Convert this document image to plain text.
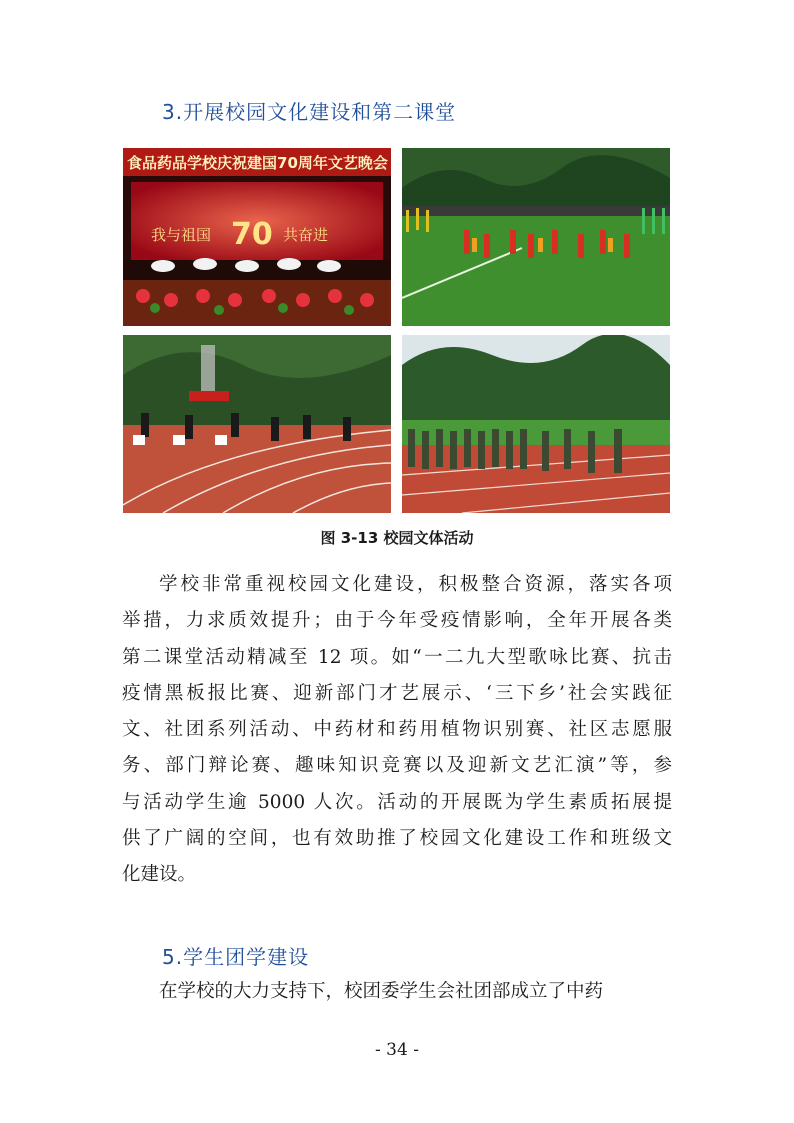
3.开展校园文化建设和第二课堂
食品药品学校庆祝建国70周年文艺晚会
我与祖国 70 共奋进
图 3-13 校园文体活动
学校非常重视校园文化建设，积极整合资源，落实各项
举措，力求质效提升；由于今年受疫情影响，全年开展各类
第二课堂活动精减至 12 项。如“一二九大型歌咏比赛、抗击
疫情黑板报比赛、迎新部门才艺展示、‘三下乡’社会实践征
文、社团系列活动、中药材和药用植物识别赛、社区志愿服
务、部门辩论赛、趣味知识竞赛以及迎新文艺汇演”等，参
与活动学生逾 5000 人次。活动的开展既为学生素质拓展提
供了广阔的空间，也有效助推了校园文化建设工作和班级文
化建设。
5.学生团学建设
在学校的大力支持下，校团委学生会社团部成立了中药
- 34 -
